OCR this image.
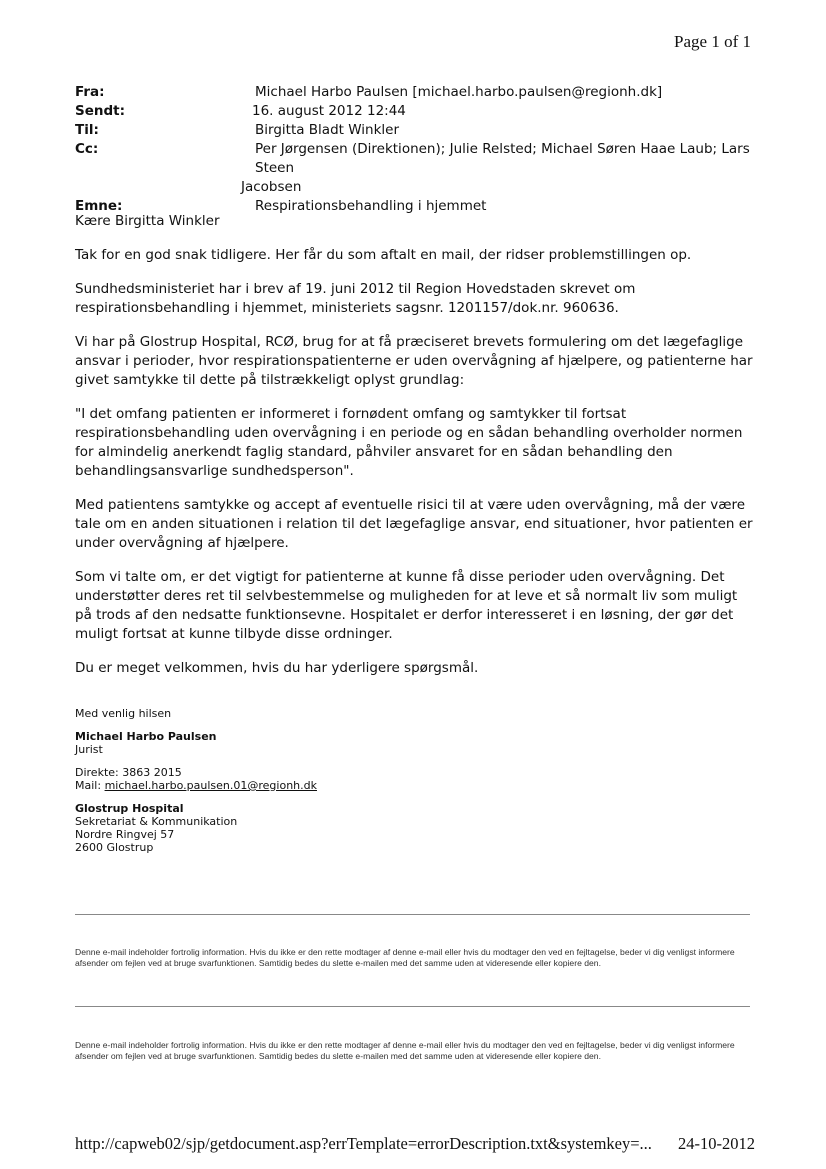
Page 1 of 1
Fra:	Michael Harbo Paulsen [michael.harbo.paulsen@regionh.dk]
Sendt:	16. august 2012 12:44
Til:	Birgitta Bladt Winkler
Cc:	Per Jørgensen (Direktionen); Julie Relsted; Michael Søren Haae Laub; Lars Steen
Jacobsen
Emne:	Respirationsbehandling i hjemmet

Kære Birgitta Winkler

Tak for en god snak tidligere. Her får du som aftalt en mail, der ridser problemstillingen op.

Sundhedsministeriet har i brev af 19. juni 2012 til Region Hovedstaden skrevet om respirationsbehandling i hjemmet, ministeriets sagsnr. 1201157/dok.nr. 960636.

Vi har på Glostrup Hospital, RCØ, brug for at få præciseret brevets formulering om det lægefaglige ansvar i perioder, hvor respirationspatienterne er uden overvågning af hjælpere, og patienterne har givet samtykke til dette på tilstrækkeligt oplyst grundlag:

"I det omfang patienten er informeret i fornødent omfang og samtykker til fortsat respirationsbehandling uden overvågning i en periode og en sådan behandling overholder normen for almindelig anerkendt faglig standard, påhviler ansvaret for en sådan behandling den behandlingsansvarlige sundhedsperson".

Med patientens samtykke og accept af eventuelle risici til at være uden overvågning, må der være tale om en anden situationen i relation til det lægefaglige ansvar, end situationer, hvor patienten er under overvågning af hjælpere.

Som vi talte om, er det vigtigt for patienterne at kunne få disse perioder uden overvågning. Det understøtter deres ret til selvbestemmelse og muligheden for at leve et så normalt liv som muligt på trods af den nedsatte funktionsevne. Hospitalet er derfor interesseret i en løsning, der gør det muligt fortsat at kunne tilbyde disse ordninger.

Du er meget velkommen, hvis du har yderligere spørgsmål.

Med venlig hilsen
Michael Harbo Paulsen
Jurist
Direkte: 3863 2015
Mail: michael.harbo.paulsen.01@regionh.dk
Glostrup Hospital
Sekretariat & Kommunikation
Nordre Ringvej 57
2600 Glostrup
Denne e-mail indeholder fortrolig information. Hvis du ikke er den rette modtager af denne e-mail eller hvis du modtager den ved en fejltagelse, beder vi dig venligst informere afsender om fejlen ved at bruge svarfunktionen. Samtidig bedes du slette e-mailen med det samme uden at videresende eller kopiere den.
Denne e-mail indeholder fortrolig information. Hvis du ikke er den rette modtager af denne e-mail eller hvis du modtager den ved en fejltagelse, beder vi dig venligst informere afsender om fejlen ved at bruge svarfunktionen. Samtidig bedes du slette e-mailen med det samme uden at videresende eller kopiere den.
http://capweb02/sjp/getdocument.asp?errTemplate=errorDescription.txt&systemkey=... 24-10-2012
